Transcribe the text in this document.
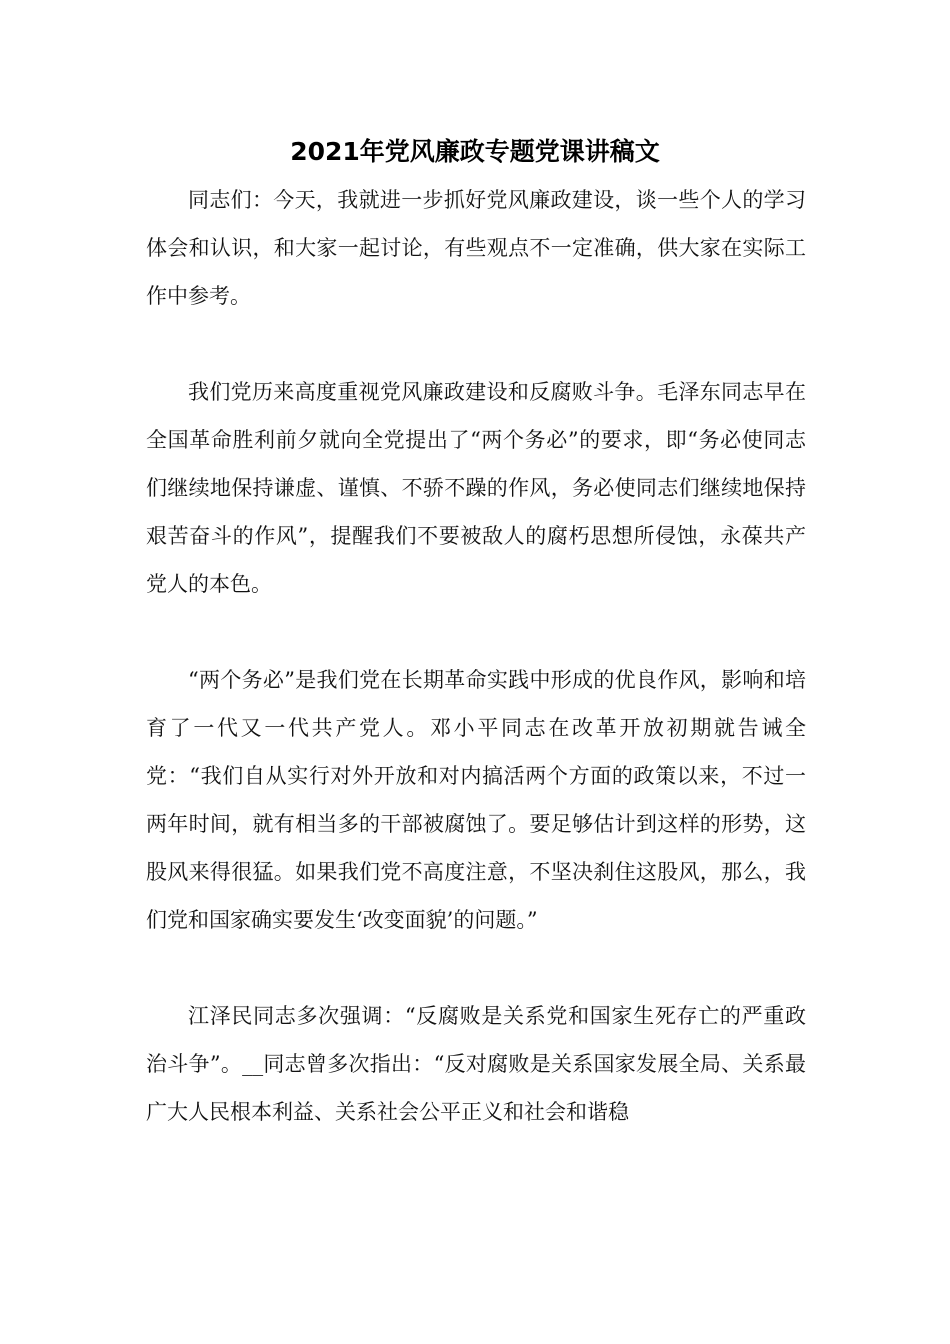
2021年党风廉政专题党课讲稿文

同志们：今天，我就进一步抓好党风廉政建设，谈一些个人的学习体会和认识，和大家一起讨论，有些观点不一定准确，供大家在实际工作中参考。

我们党历来高度重视党风廉政建设和反腐败斗争。毛泽东同志早在全国革命胜利前夕就向全党提出了“两个务必”的要求，即“务必使同志们继续地保持谦虚、谨慎、不骄不躁的作风，务必使同志们继续地保持艰苦奋斗的作风”，提醒我们不要被敌人的腐朽思想所侵蚀，永葆共产党人的本色。

“两个务必”是我们党在长期革命实践中形成的优良作风，影响和培育了一代又一代共产党人。邓小平同志在改革开放初期就告诫全党：“我们自从实行对外开放和对内搞活两个方面的政策以来，不过一两年时间，就有相当多的干部被腐蚀了。要足够估计到这样的形势，这股风来得很猛。如果我们党不高度注意，不坚决刹住这股风，那么，我们党和国家确实要发生‘改变面貌’的问题。”

江泽民同志多次强调：“反腐败是关系党和国家生死存亡的严重政治斗争”。__同志曾多次指出：“反对腐败是关系国家发展全局、关系最广大人民根本利益、关系社会公平正义和社会和谐稳
